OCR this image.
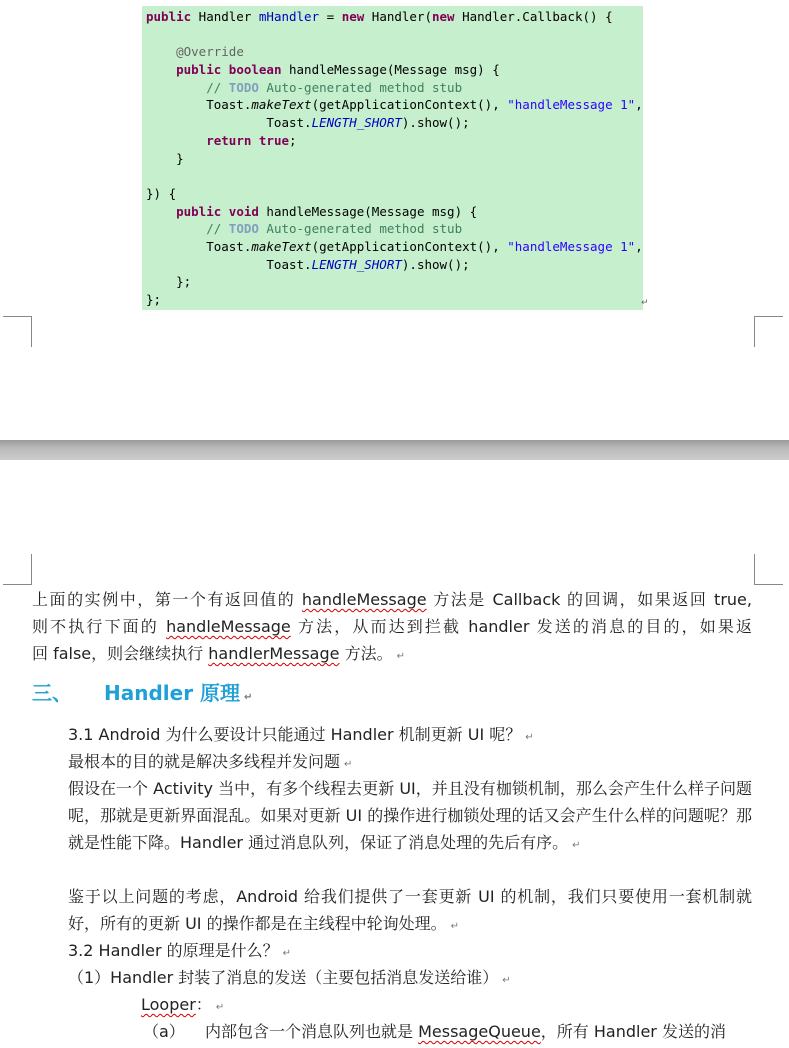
public Handler mHandler = new Handler(new Handler.Callback() {
@Override
public boolean handleMessage(Message msg) {
// TODO Auto-generated method stub
Toast.makeText(getApplicationContext(), "handleMessage 1",
Toast.LENGTH_SHORT).show();
return true;
}
}) {
public void handleMessage(Message msg) {
// TODO Auto-generated method stub
Toast.makeText(getApplicationContext(), "handleMessage 1",
Toast.LENGTH_SHORT).show();
};
};	↵
上面的实例中，第一个有返回值的 handleMessage 方法是 Callback 的回调，如果返回 true,
则不执行下面的 handleMessage 方法，从而达到拦截 handler 发送的消息的目的，如果返
回 false，则会继续执行 handlerMessage 方法。 ↵
三、 Handler 原理 ↵
3.1 Android 为什么要设计只能通过 Handler 机制更新 UI 呢？ ↵
最根本的目的就是解决多线程并发问题 ↵
假设在一个 Activity 当中，有多个线程去更新 UI，并且没有枷锁机制，那么会产生什么样子问题呢，那就是更新界面混乱。如果对更新 UI 的操作进行枷锁处理的话又会产生什么样的问题呢？那就是性能下降。Handler 通过消息队列，保证了消息处理的先后有序。 ↵
鉴于以上问题的考虑，Android 给我们提供了一套更新 UI 的机制，我们只要使用一套机制就好，所有的更新 UI 的操作都是在主线程中轮询处理。 ↵
3.2 Handler 的原理是什么？ ↵
（1）Handler 封装了消息的发送（主要包括消息发送给谁） ↵
Looper： ↵
（a） 内部包含一个消息队列也就是 MessageQueue，所有 Handler 发送的消
